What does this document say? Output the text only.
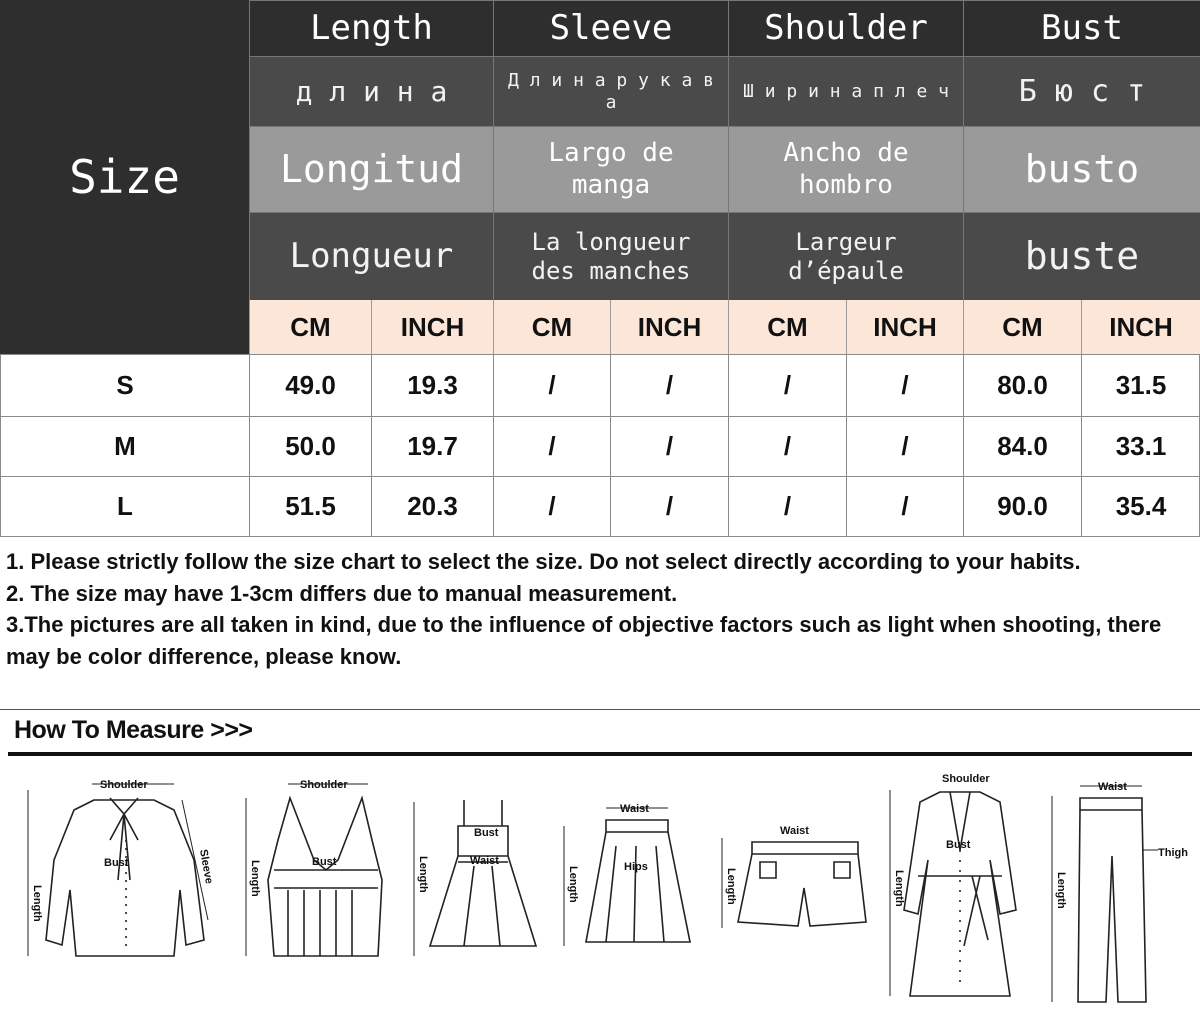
Size
Length
д л и н а
Longitud
Longueur
Sleeve
Д л и н а р у к а в а
Largo de manga
La longueur des manches
Shoulder
Ш и р и н а п л е ч
Ancho de hombro
Largeur d’épaule
Bust
Б ю с т
busto
buste
CM	INCH	CM	INCH	CM	INCH	CM	INCH
S	49.0	19.3	/	/	/	/	80.0	31.5
M	50.0	19.7	/	/	/	/	84.0	33.1
L	51.5	20.3	/	/	/	/	90.0	35.4

1. Please strictly follow the size chart to select the size. Do not select directly according to your habits.

2. The size may have 1-3cm differs due to manual measurement.

3.The pictures are all taken in kind, due to the influence of objective factors such as light when shooting, there may be color difference, please know.

How To Measure >>>
Length
Shoulder
Bust	Sleeve	Length
Shoulder
Bust	Length
Bust
Waist
Length
Waist
Hips
Length
Waist
Length
Shoulder
Bust
Length
Waist
Thigh
